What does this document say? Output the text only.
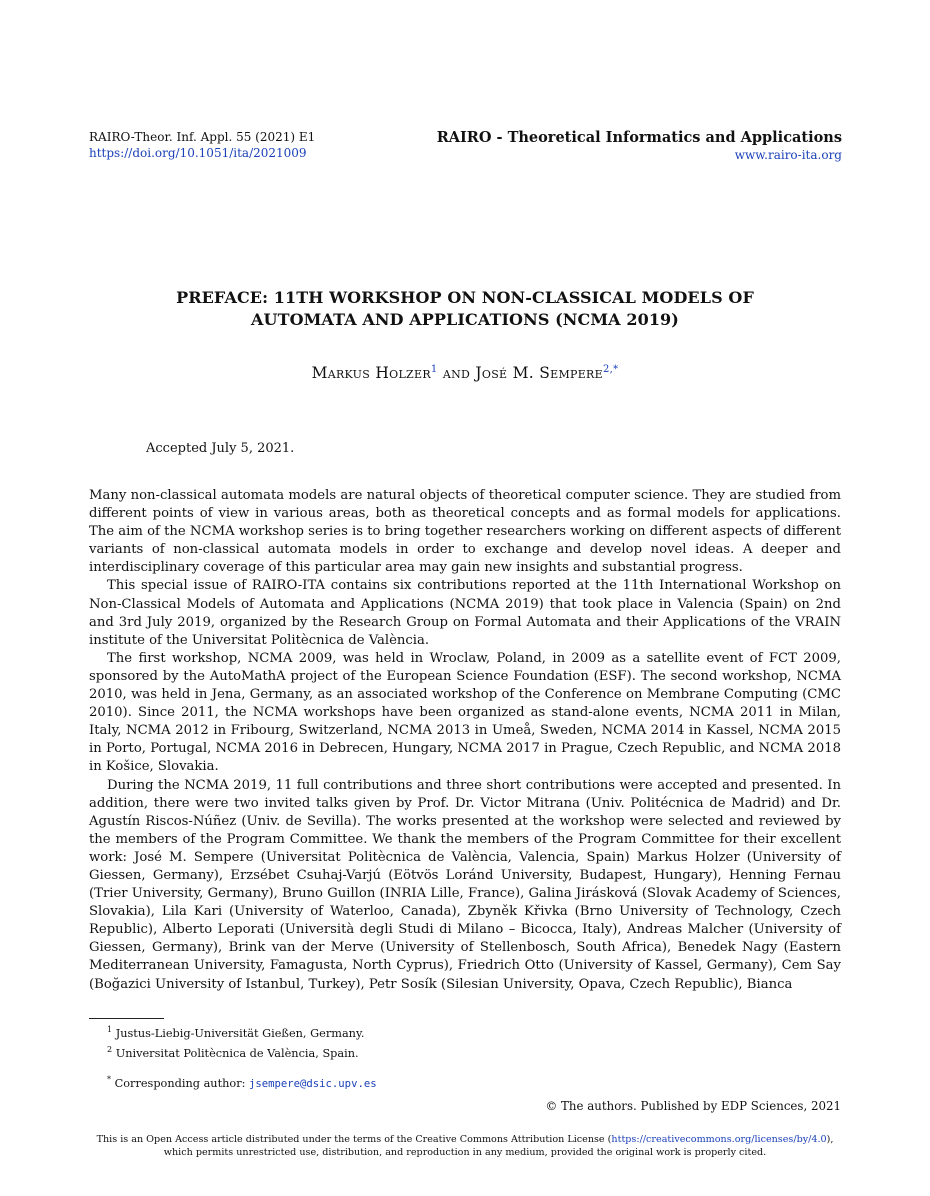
RAIRO-Theor. Inf. Appl. 55 (2021) E1
https://doi.org/10.1051/ita/2021009
RAIRO - Theoretical Informatics and Applications
www.rairo-ita.org
PREFACE: 11TH WORKSHOP ON NON-CLASSICAL MODELS OF
AUTOMATA AND APPLICATIONS (NCMA 2019)
Markus Holzer$^1$ and José M. Sempere$^{2,*}$
Accepted July 5, 2021.

Many non-classical automata models are natural objects of theoretical computer science. They are studied from different points of view in various areas, both as theoretical concepts and as formal models for applications. The aim of the NCMA workshop series is to bring together researchers working on different aspects of different variants of non-classical automata models in order to exchange and develop novel ideas. A deeper and interdisciplinary coverage of this particular area may gain new insights and substantial progress.

This special issue of RAIRO-ITA contains six contributions reported at the 11th International Workshop on Non-Classical Models of Automata and Applications (NCMA 2019) that took place in Valencia (Spain) on 2nd and 3rd July 2019, organized by the Research Group on Formal Automata and their Applications of the VRAIN institute of the Universitat Politècnica de València.

The first workshop, NCMA 2009, was held in Wroclaw, Poland, in 2009 as a satellite event of FCT 2009, sponsored by the AutoMathA project of the European Science Foundation (ESF). The second workshop, NCMA 2010, was held in Jena, Germany, as an associated workshop of the Conference on Membrane Computing (CMC 2010). Since 2011, the NCMA workshops have been organized as stand-alone events, NCMA 2011 in Milan, Italy, NCMA 2012 in Fribourg, Switzerland, NCMA 2013 in Umeå, Sweden, NCMA 2014 in Kassel, NCMA 2015 in Porto, Portugal, NCMA 2016 in Debrecen, Hungary, NCMA 2017 in Prague, Czech Republic, and NCMA 2018 in Košice, Slovakia.

During the NCMA 2019, 11 full contributions and three short contributions were accepted and presented. In addition, there were two invited talks given by Prof. Dr. Victor Mitrana (Univ. Politécnica de Madrid) and Dr. Agustín Riscos-Núñez (Univ. de Sevilla). The works presented at the workshop were selected and reviewed by the members of the Program Committee. We thank the members of the Program Committee for their excellent work: José M. Sempere (Universitat Politècnica de València, Valencia, Spain) Markus Holzer (University of Giessen, Germany), Erzsébet Csuhaj-Varjú (Eötvös Loránd University, Budapest, Hungary), Henning Fernau (Trier University, Germany), Bruno Guillon (INRIA Lille, France), Galina Jirásková (Slovak Academy of Sciences, Slovakia), Lila Kari (University of Waterloo, Canada), Zbyněk Křivka (Brno University of Technology, Czech Republic), Alberto Leporati (Università degli Studi di Milano – Bicocca, Italy), Andreas Malcher (University of Giessen, Germany), Brink van der Merve (University of Stellenbosch, South Africa), Benedek Nagy (Eastern Mediterranean University, Famagusta, North Cyprus), Friedrich Otto (University of Kassel, Germany), Cem Say (Boğazici University of Istanbul, Turkey), Petr Sosík (Silesian University, Opava, Czech Republic), Bianca

$^1$ Justus-Liebig-Universität Gießen, Germany.
$^2$ Universitat Politècnica de València, Spain.
* Corresponding author: jsempere@dsic.upv.es
© The authors. Published by EDP Sciences, 2021
This is an Open Access article distributed under the terms of the Creative Commons Attribution License (https://creativecommons.org/licenses/by/4.0),
which permits unrestricted use, distribution, and reproduction in any medium, provided the original work is properly cited.
